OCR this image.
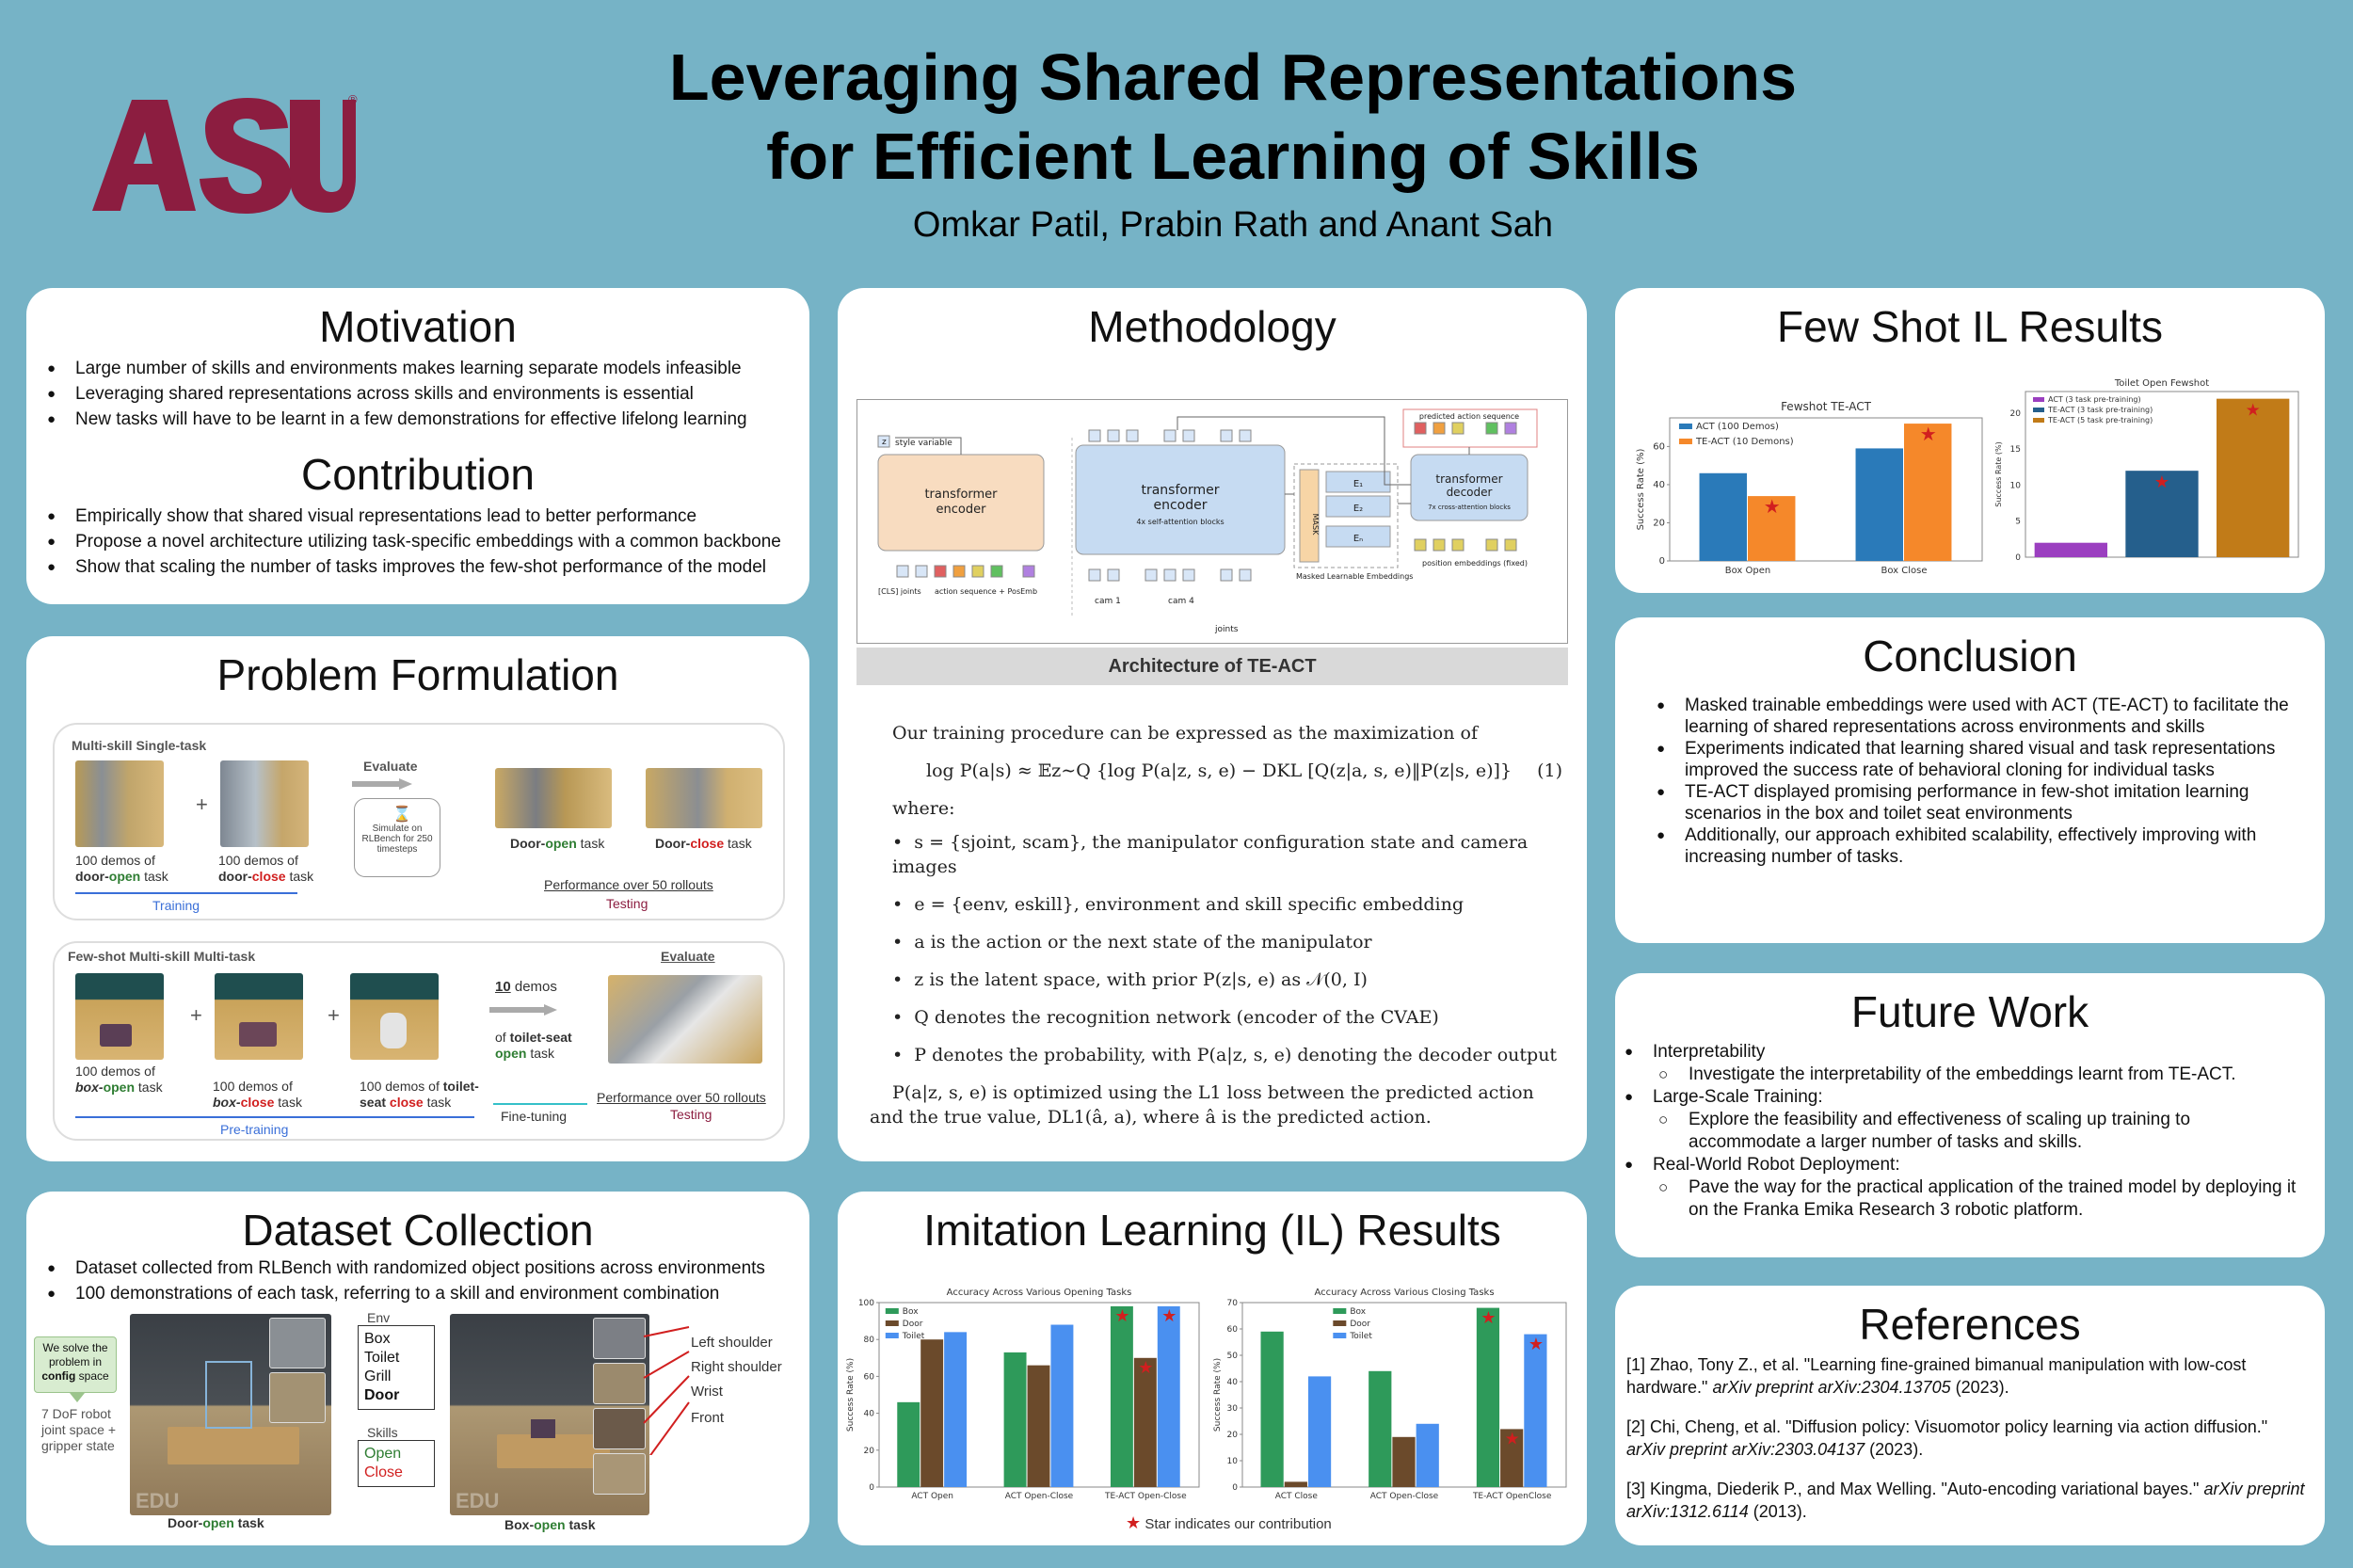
®	Leveraging Shared Representations
for Efficient Learning of Skills
Omkar Patil, Prabin Rath and Anant Sah
Motivation
● Large number of skills and environments makes learning separate models infeasible
● Leveraging shared representations across skills and environments is essential
● New tasks will have to be learnt in a few demonstrations for effective lifelong learning
Contribution
● Empirically show that shared visual representations lead to better performance
● Propose a novel architecture utilizing task-specific embeddings with a common backbone
● Show that scaling the number of tasks improves the few-shot performance of the model
Problem Formulation
Multi-skill Single-task
+
100 demos of
door-open task
100 demos of
door-close task
Training
Evaluate
⌛
Simulate on RLBench for 250 timesteps	Door-open task	Door-close task
Performance over 50 rollouts
Testing
Few-shot Multi-skill Multi-task
+	+
100 demos of
box-open task	100 demos of
box-close task
100 demos of toilet-
seat close task
Pre-training
10 demos
of toilet-seat
open task
Fine-tuning
Evaluate
Performance over 50 rollouts
Testing
Dataset Collection
● Dataset collected from RLBench with randomized object positions across environments
● 100 demonstrations of each task, referring to a skill and environment combination
We solve the problem in config space
7 DoF robot joint space + gripper state
EDU
Door-open task
Env
Box
Toilet
Grill
Door
Skills
Open
Close
EDU
Left shoulder
Right shoulder
Wrist
Front
Box-open task
Methodology
style variable
z
transformer
encoder
[CLS] joints action sequence + PosEmb
transformer
encoder
4x self-attention blocks
cam 1	cam 4
joints
MASK
E₁
E₂
Eₙ
Masked Learnable Embeddings
predicted action sequence
transformer
decoder
7x cross-attention blocks
position embeddings (fixed)
Architecture of TE-ACT
Our training procedure can be expressed as the maximization of
log P(a|s) ≈ 𝔼z∼Q {log P(a|z, s, e) − DKL [Q(z|a, s, e)‖P(z|s, e)]} (1)
where:
•  s = {sjoint, scam}, the manipulator configuration state and camera images
•  e = {eenv, eskill}, environment and skill specific embedding
•  a is the action or the next state of the manipulator
•  z is the latent space, with prior P(z|s, e) as 𝒩(0, I)
•  Q denotes the recognition network (encoder of the CVAE)
•  P denotes the probability, with P(a|z, s, e) denoting the decoder output
P(a|z, s, e) is optimized using the L1 loss between the predicted action and the true value, DL1(â, a), where â is the predicted action.
Imitation Learning (IL) Results
Accuracy Across Various Opening Tasks
0
20
40
60
80
100
Success Rate (%)
ACT Open	ACT Open-Close
★
★
★
TE-ACT Open-Close
Box
Door
Toilet
Accuracy Across Various Closing Tasks
0
10
20
30
40
50
60
70
Success Rate (%)
ACT Close	ACT Open-Close
★
★
★
TE-ACT OpenClose
Box
Door
Toilet
★ Star indicates our contribution
Few Shot IL Results
Fewshot TE-ACT
0
20
40
60
Success Rate (%)	★
Box Open
★
Box Close
ACT (100 Demos)
TE-ACT (10 Demons)
Toilet Open Fewshot
0
5
10
15
20
Success Rate (%)	★
★
ACT (3 task pre-training)
TE-ACT (3 task pre-training)
TE-ACT (5 task pre-training)
Conclusion
● Masked trainable embeddings were used with ACT (TE-ACT) to facilitate the learning of shared representations across environments and skills
● Experiments indicated that learning shared visual and task representations improved the success rate of behavioral cloning for individual tasks
● TE-ACT displayed promising performance in few-shot imitation learning scenarios in the box and toilet seat environments
● Additionally, our approach exhibited scalability, effectively improving with increasing number of tasks.
Future Work
● Interpretability
○ Investigate the interpretability of the embeddings learnt from TE-ACT.
● Large-Scale Training:
○ Explore the feasibility and effectiveness of scaling up training to accommodate a larger number of tasks and skills.
● Real-World Robot Deployment:
○ Pave the way for the practical application of the trained model by deploying it on the Franka Emika Research 3 robotic platform.
References
[1] Zhao, Tony Z., et al. "Learning fine-grained bimanual manipulation with low-cost hardware." arXiv preprint arXiv:2304.13705 (2023).
[2] Chi, Cheng, et al. "Diffusion policy: Visuomotor policy learning via action diffusion." arXiv preprint arXiv:2303.04137 (2023).
[3] Kingma, Diederik P., and Max Welling. "Auto-encoding variational bayes." arXiv preprint arXiv:1312.6114 (2013).
